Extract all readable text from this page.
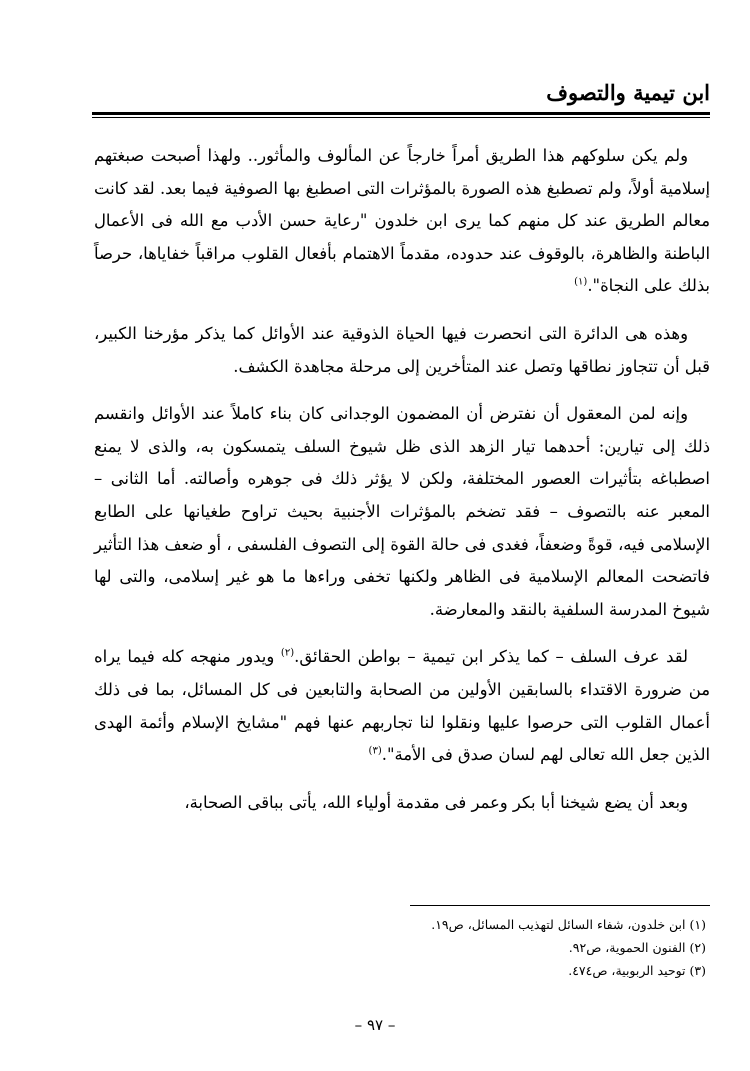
ابن تيمية والتصوف

ولم يكن سلوكهم هذا الطريق أمراً خارجاً عن المألوف والمأثور.. ولهذا أصبحت صبغتهم إسلامية أولاً، ولم تصطبغ هذه الصورة بالمؤثرات التى اصطبغ بها الصوفية فيما بعد. لقد كانت معالم الطريق عند كل منهم كما يرى ابن خلدون "رعاية حسن الأدب مع الله فى الأعمال الباطنة والظاهرة، بالوقوف عند حدوده، مقدماً الاهتمام بأفعال القلوب مراقباً خفاياها، حرصاً بذلك على النجاة".$^{(١)}$

وهذه هى الدائرة التى انحصرت فيها الحياة الذوقية عند الأوائل كما يذكر مؤرخنا الكبير، قبل أن تتجاوز نطاقها وتصل عند المتأخرين إلى مرحلة مجاهدة الكشف.

وإنه لمن المعقول أن نفترض أن المضمون الوجدانى كان بناء كاملاً عند الأوائل وانقسم ذلك إلى تيارين: أحدهما تيار الزهد الذى ظل شيوخ السلف يتمسكون به، والذى لا يمنع اصطباغه بتأثيرات العصور المختلفة، ولكن لا يؤثر ذلك فى جوهره وأصالته. أما الثانى – المعبر عنه بالتصوف – فقد تضخم بالمؤثرات الأجنبية بحيث تراوح طغيانها على الطابع الإسلامى فيه، قوةً وضعفاً، فغدى فى حالة القوة إلى التصوف الفلسفى ، أو ضعف هذا التأثير فاتضحت المعالم الإسلامية فى الظاهر ولكنها تخفى وراءها ما هو غير إسلامى، والتى لها شيوخ المدرسة السلفية بالنقد والمعارضة.

لقد عرف السلف – كما يذكر ابن تيمية – بواطن الحقائق.$^{(٢)}$ ويدور منهجه كله فيما يراه من ضرورة الاقتداء بالسابقين الأولين من الصحابة والتابعين فى كل المسائل، بما فى ذلك أعمال القلوب التى حرصوا عليها ونقلوا لنا تجاربهم عنها فهم "مشايخ الإسلام وأئمة الهدى الذين جعل الله تعالى لهم لسان صدق فى الأمة".$^{(٣)}$

وبعد أن يضع شيخنا أبا بكر وعمر فى مقدمة أولياء الله، يأتى بباقى الصحابة،

(١) ابن خلدون، شفاء السائل لتهذيب المسائل، ص١٩.

(٢) الفنون الحموية، ص٩٢.

(٣) توحيد الربوبية، ص٤٧٤.

– ٩٧ –
